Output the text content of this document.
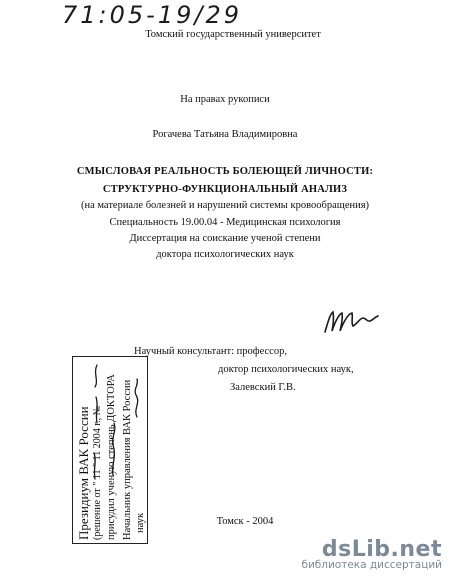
71:05-19/29
Томский государственный университет
На правах рукописи
Рогачева Татьяна Владимировна
СМЫСЛОВАЯ РЕАЛЬНОСТЬ БОЛЕЮЩЕЙ ЛИЧНОСТИ:
СТРУКТУРНО-ФУНКЦИОНАЛЬНЫЙ АНАЛИЗ
(на материале болезней и нарушений системы кровообращения)
Специальность 19.00.04 - Медицинская психология
Диссертация на соискание ученой степени
доктора психологических наук
Научный консультант: профессор,
доктор психологических наук,
Залевский Г.В.
Президиум ВАК России (решение от " 11 " 11 2004 г., № присудил ученую степень ДОКТОРА Начальник управления ВАК России наук	Томск - 2004
dsLib.net
библиотека диссертаций
